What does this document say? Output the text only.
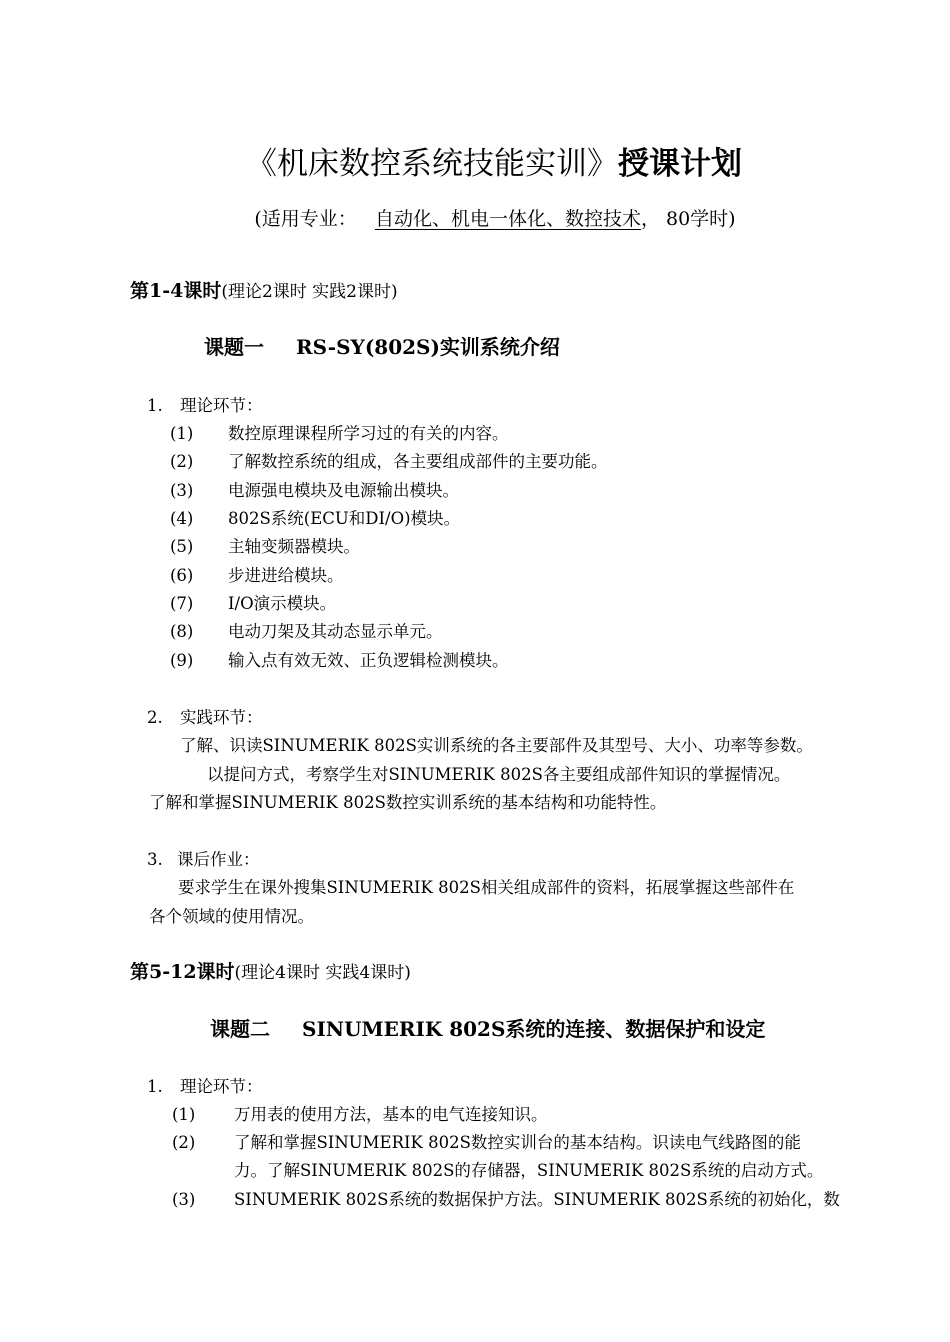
《机床数控系统技能实训》授课计划
(适用专业： 自动化、机电一体化、数控技术， 80学时)
第1-4课时(理论2课时 实践2课时)
课题一 RS-SY(802S)实训系统介绍
1. 理论环节：
(1) 数控原理课程所学习过的有关的内容。
(2) 了解数控系统的组成，各主要组成部件的主要功能。
(3) 电源强电模块及电源输出模块。
(4) 802S系统(ECU和DI/O)模块。
(5) 主轴变频器模块。
(6) 步进进给模块。
(7) I/O演示模块。
(8) 电动刀架及其动态显示单元。
(9) 输入点有效无效、正负逻辑检测模块。
2. 实践环节：
了解、识读SINUMERIK 802S实训系统的各主要部件及其型号、大小、功率等参数。
以提问方式，考察学生对SINUMERIK 802S各主要组成部件知识的掌握情况。
了解和掌握SINUMERIK 802S数控实训系统的基本结构和功能特性。
3. 课后作业：
要求学生在课外搜集SINUMERIK 802S相关组成部件的资料，拓展掌握这些部件在
各个领域的使用情况。
第5-12课时(理论4课时 实践4课时)
课题二 SINUMERIK 802S系统的连接、数据保护和设定
1. 理论环节：
(1) 万用表的使用方法，基本的电气连接知识。
(2) 了解和掌握SINUMERIK 802S数控实训台的基本结构。识读电气线路图的能
力。了解SINUMERIK 802S的存储器，SINUMERIK 802S系统的启动方式。
(3) SINUMERIK 802S系统的数据保护方法。SINUMERIK 802S系统的初始化，数
